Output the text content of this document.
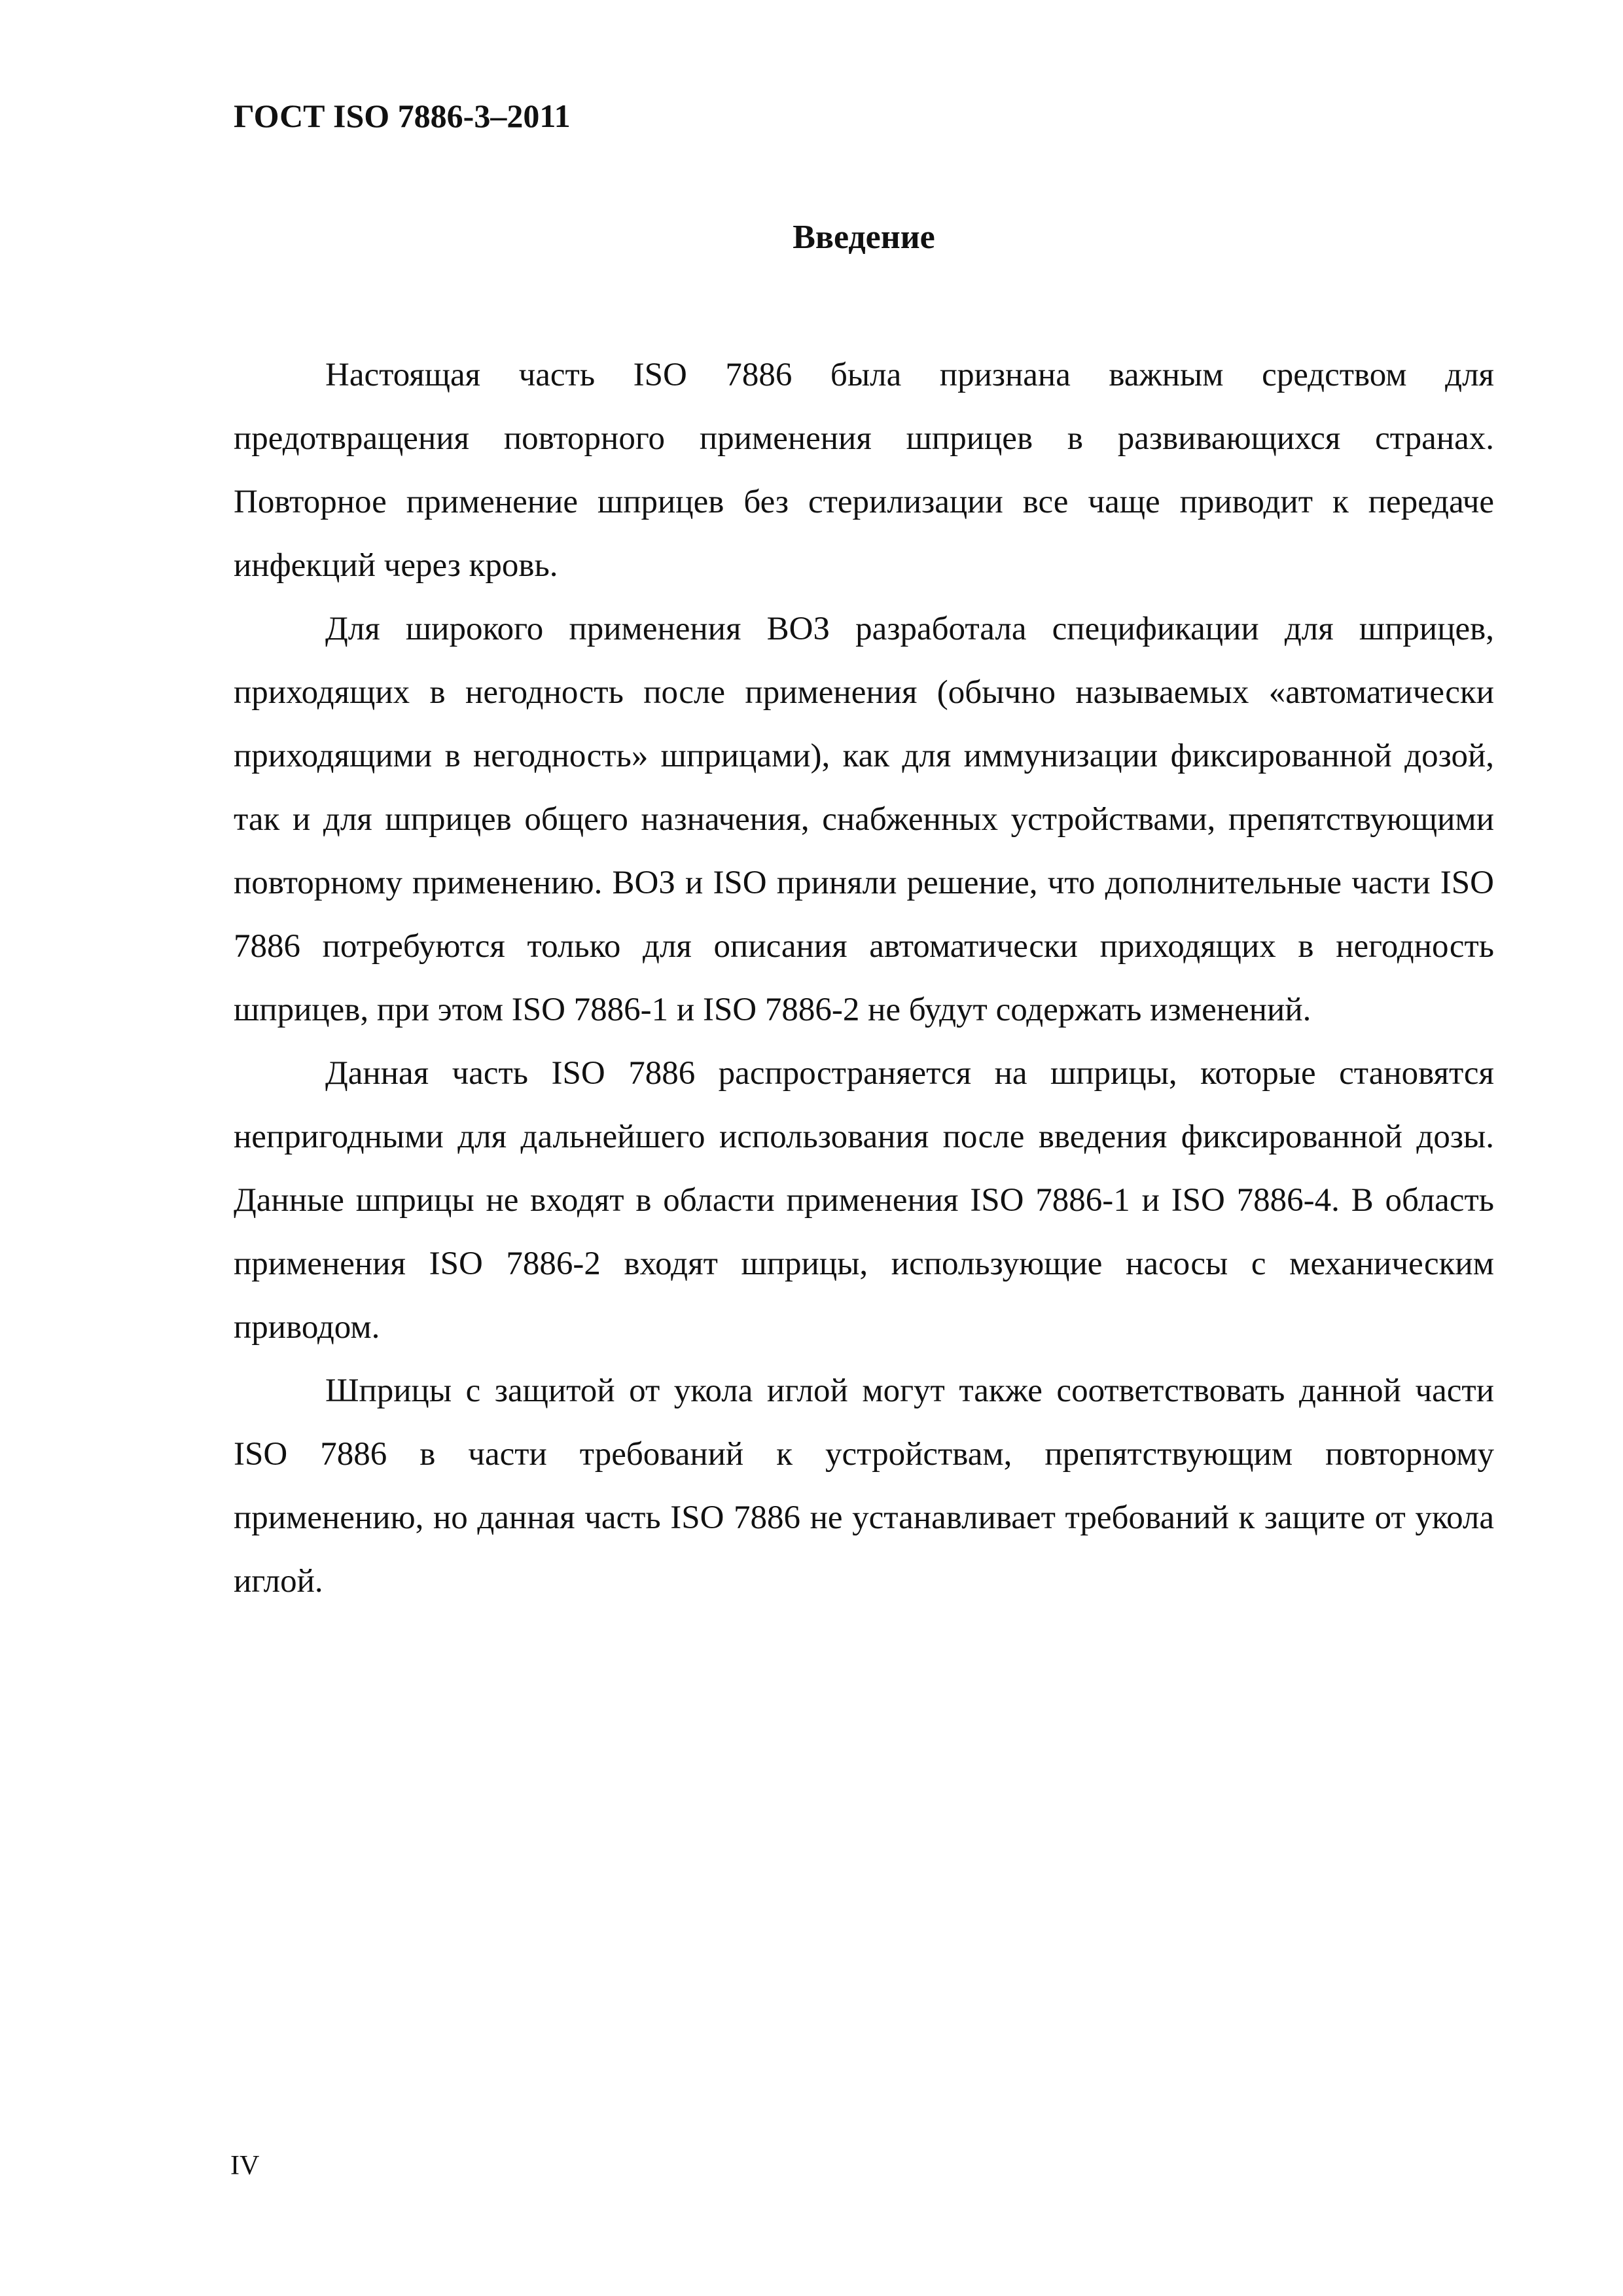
ГОСТ ISO 7886-3–2011
Введение

Настоящая часть ISO 7886 была признана важным средством для предотвращения повторного применения шприцев в развивающихся странах. Повторное применение шприцев без стерилизации все чаще приводит к передаче инфекций через кровь.

Для широкого применения ВОЗ разработала спецификации для шприцев, приходящих в негодность после применения (обычно называемых «автоматически приходящими в негодность» шприцами), как для иммунизации фиксированной дозой, так и для шприцев общего назначения, снабженных устройствами, препятствующими повторному применению. ВОЗ и ISO приняли решение, что дополнительные части ISO 7886 потребуются только для описания автоматически приходящих в негодность шприцев, при этом ISO 7886-1 и ISO 7886-2 не будут содержать изменений.

Данная часть ISO 7886 распространяется на шприцы, которые становятся непригодными для дальнейшего использования после введения фиксированной дозы. Данные шприцы не входят в области применения ISO 7886-1 и ISO 7886-4. В область применения ISO 7886-2 входят шприцы, использующие насосы с механическим приводом.

Шприцы с защитой от укола иглой могут также соответствовать данной части ISO 7886 в части требований к устройствам, препятствующим повторному применению, но данная часть ISO 7886 не устанавливает требований к защите от укола иглой.

IV
